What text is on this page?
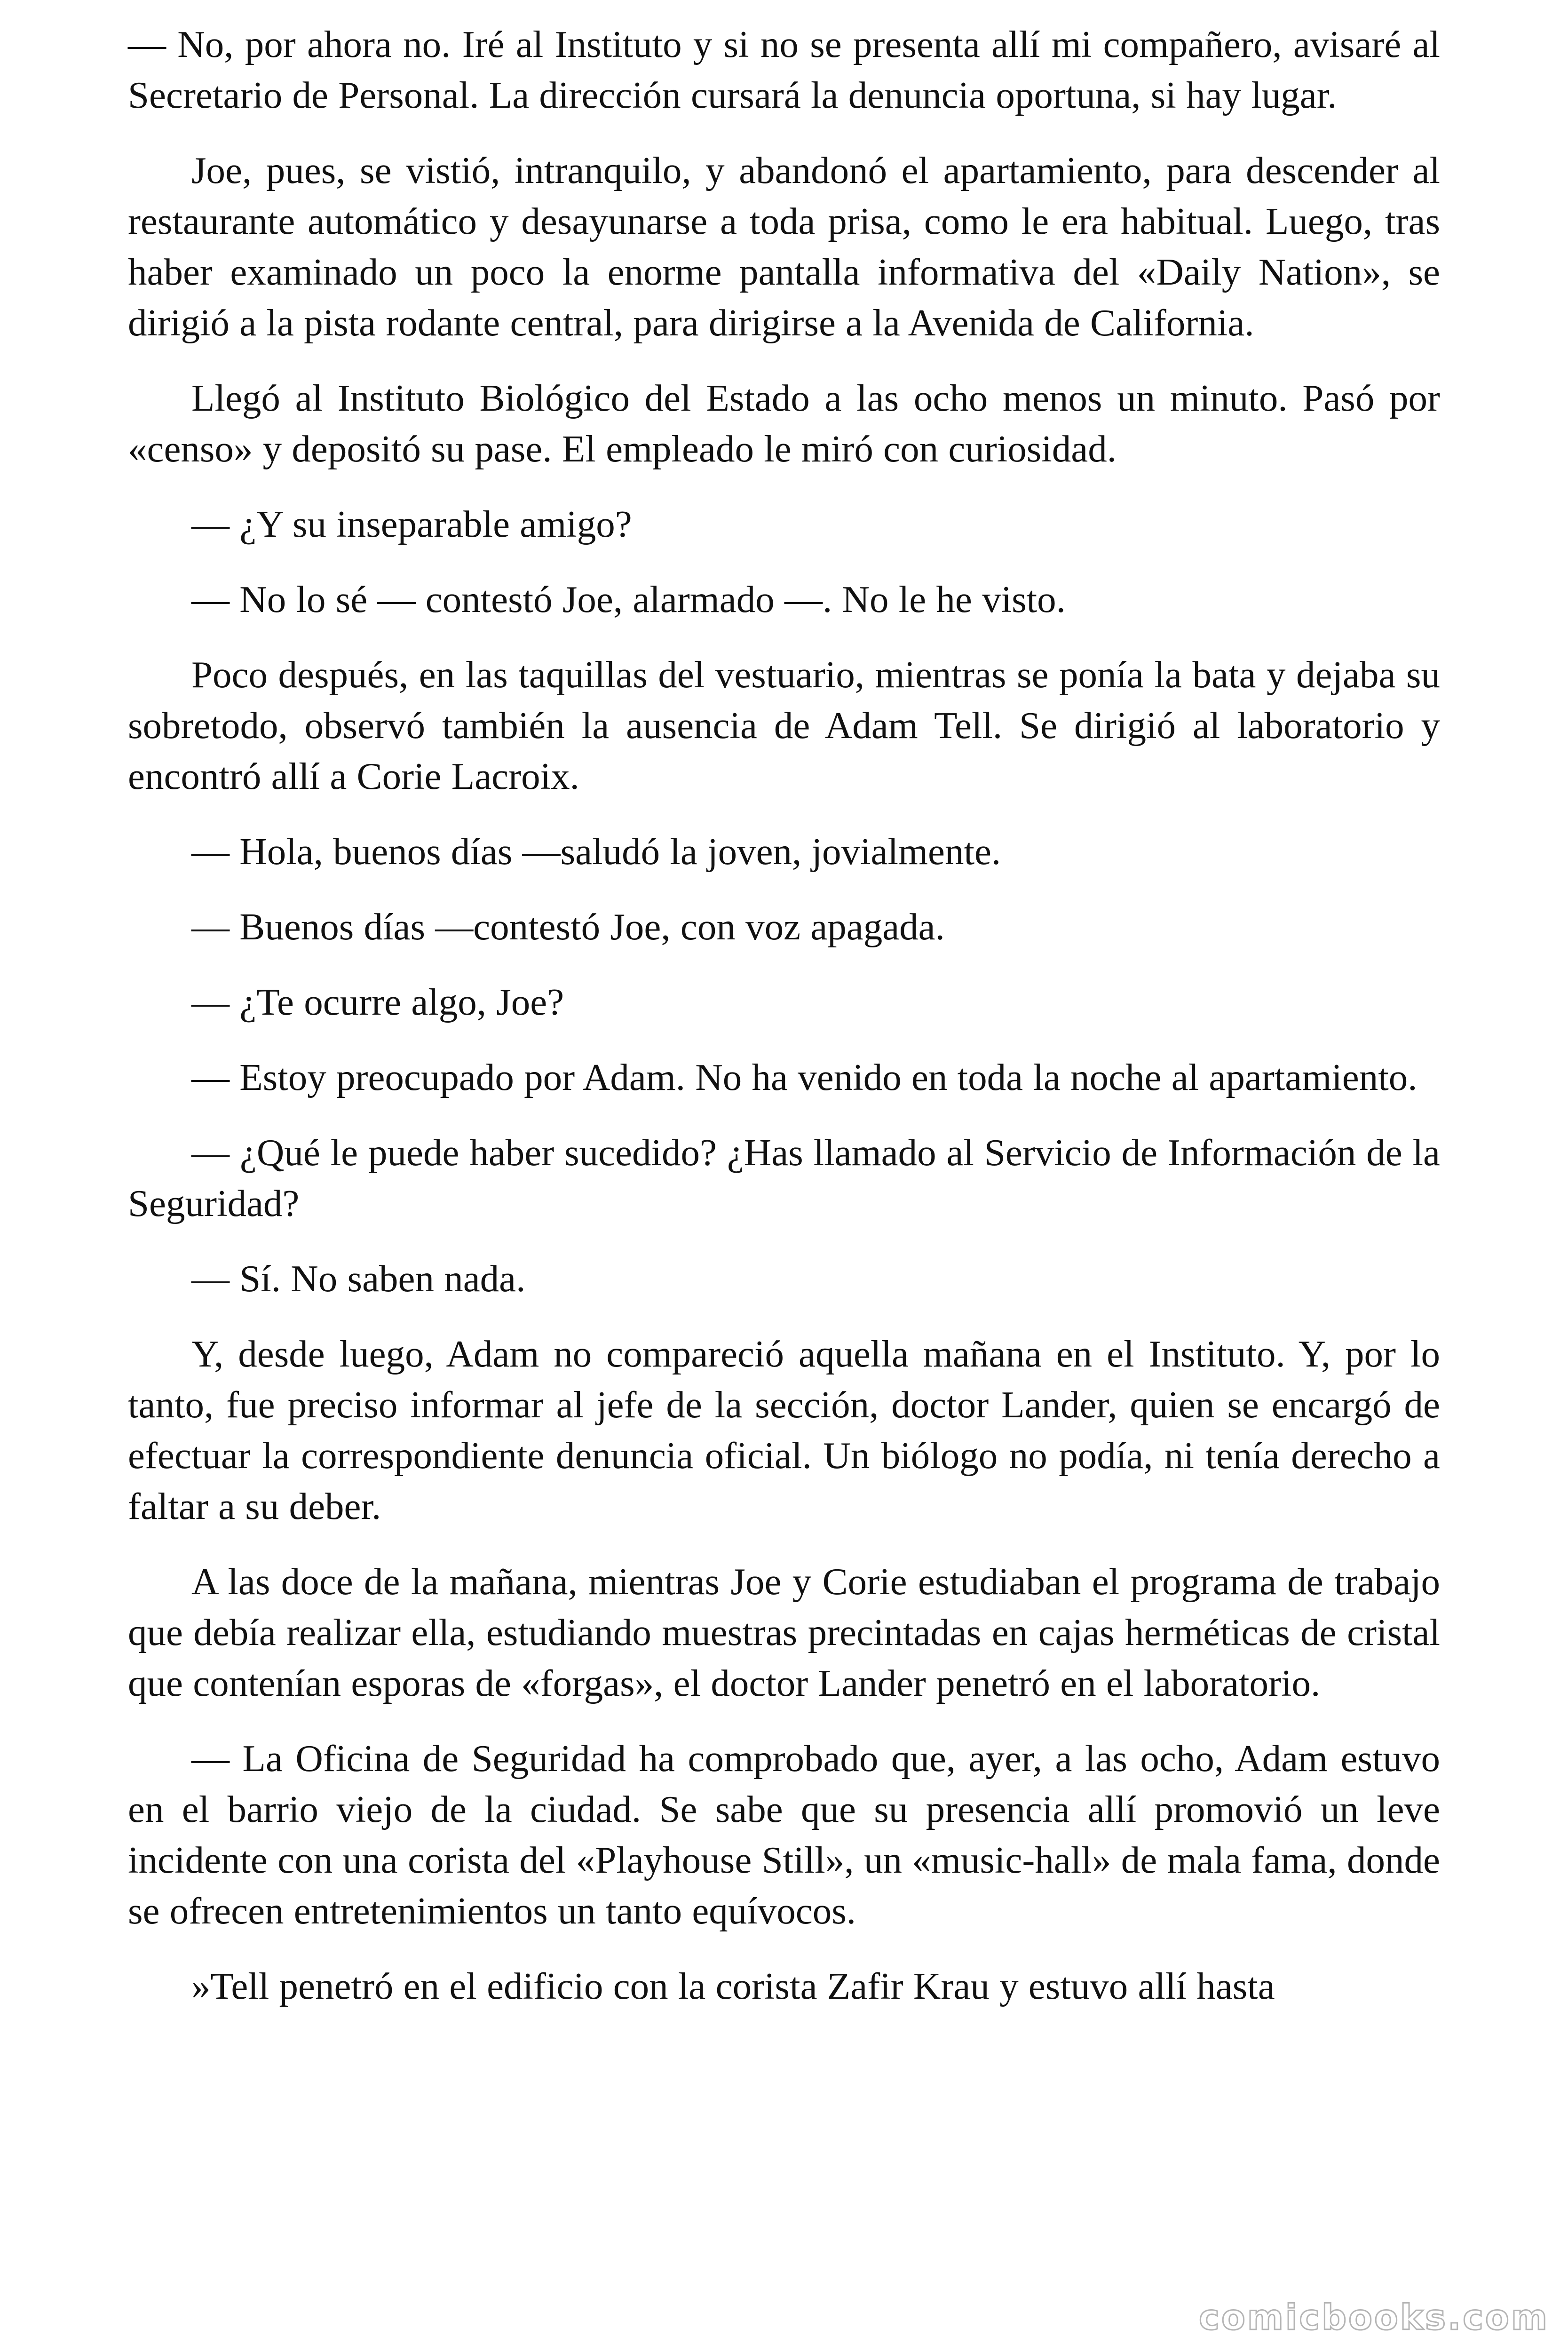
— No, por ahora no. Iré al Instituto y si no se presenta allí mi compañero, avisaré al Secretario de Personal. La dirección cursará la denuncia oportuna, si hay lugar.

Joe, pues, se vistió, intranquilo, y abandonó el apartamiento, para descender al restaurante automático y desayunarse a toda prisa, como le era habitual. Luego, tras haber examinado un poco la enorme pantalla informativa del «Daily Nation», se dirigió a la pista rodante central, para dirigirse a la Avenida de California.

Llegó al Instituto Biológico del Estado a las ocho menos un minuto. Pasó por «censo» y depositó su pase. El empleado le miró con curiosidad.

— ¿Y su inseparable amigo?

— No lo sé — contestó Joe, alarmado —. No le he visto.

Poco después, en las taquillas del vestuario, mientras se ponía la bata y dejaba su sobretodo, observó también la ausencia de Adam Tell. Se dirigió al laboratorio y encontró allí a Corie Lacroix.

— Hola, buenos días —saludó la joven, jovialmente.

— Buenos días —contestó Joe, con voz apagada.

— ¿Te ocurre algo, Joe?

— Estoy preocupado por Adam. No ha venido en toda la noche al apartamiento.

— ¿Qué le puede haber sucedido? ¿Has llamado al Servicio de Información de la Seguridad?

— Sí. No saben nada.

Y, desde luego, Adam no compareció aquella mañana en el Instituto. Y, por lo tanto, fue preciso informar al jefe de la sección, doctor Lander, quien se encargó de efectuar la correspondiente denuncia oficial. Un biólogo no podía, ni tenía derecho a faltar a su deber.

A las doce de la mañana, mientras Joe y Corie estudiaban el programa de trabajo que debía realizar ella, estudiando muestras precintadas en cajas herméticas de cristal que contenían esporas de «forgas», el doctor Lander penetró en el laboratorio.

— La Oficina de Seguridad ha comprobado que, ayer, a las ocho, Adam estuvo en el barrio viejo de la ciudad. Se sabe que su presencia allí promovió un leve incidente con una corista del «Playhouse Still», un «music-hall» de mala fama, donde se ofrecen entretenimientos un tanto equívocos.

»Tell penetró en el edificio con la corista Zafir Krau y estuvo allí hasta

comicbooks.com
